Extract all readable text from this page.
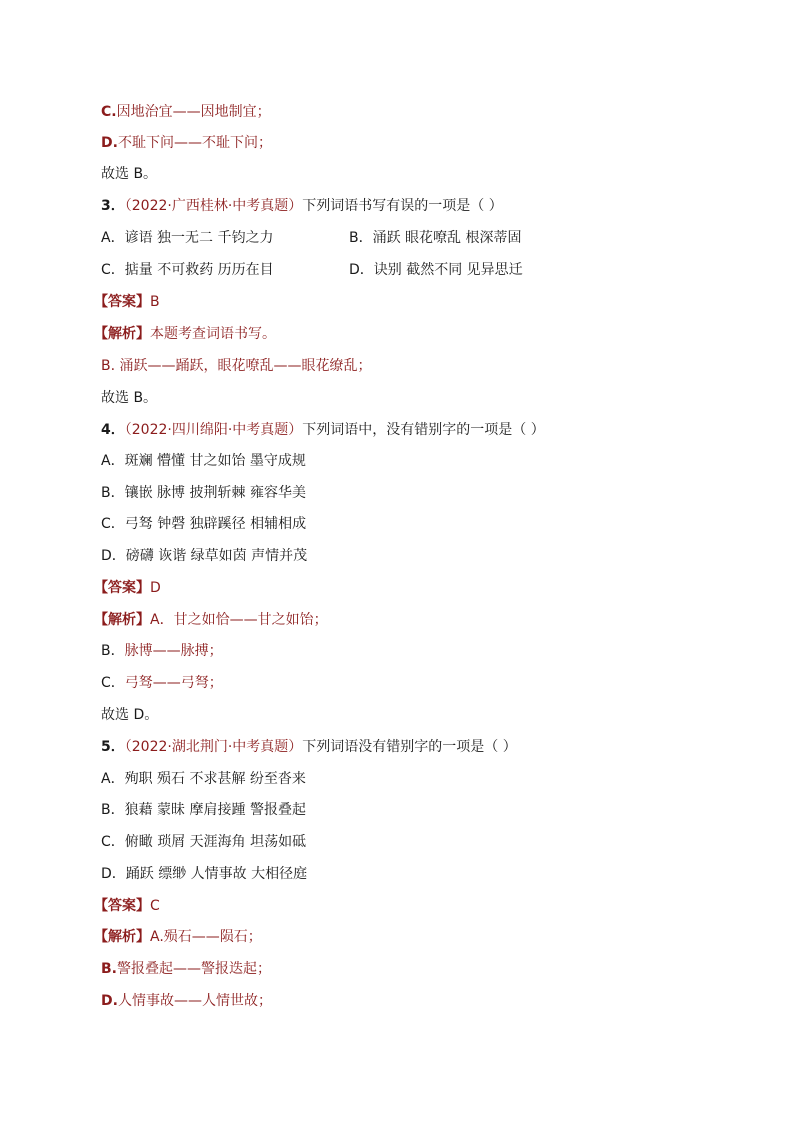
C.因地治宜——因地制宜；
D.不耻下问——不耻下问；
故选 B。
3．（2022·广西桂林·中考真题）下列词语书写有误的一项是（ ）
A．谚语 独一无二 千钧之力	B．涌跃 眼花嘹乱 根深蒂固
C．掂量 不可救药 历历在目	D．诀别 截然不同 见异思迁
【答案】B
【解析】本题考查词语书写。
B. 涌跃——踊跃，眼花嘹乱——眼花缭乱；
故选 B。
4．（2022·四川绵阳·中考真题）下列词语中，没有错别字的一项是（ ）
A．斑斓 懵懂 甘之如饴 墨守成规
B．镶嵌 脉博 披荆斩棘 雍容华美
C．弓驽 钟磬 独辟蹊径 相辅相成
D．磅礴 诙谐 绿草如茵 声情并茂
【答案】D
【解析】A．甘之如恰——甘之如饴；
B．脉博——脉搏；
C．弓驽——弓弩；
故选 D。
5．（2022·湖北荆门·中考真题）下列词语没有错别字的一项是（ ）
A．殉职 殒石 不求甚解 纷至沓来
B．狼藉 蒙昧 摩肩接踵 警报叠起
C．俯瞰 琐屑 天涯海角 坦荡如砥
D．踊跃 缥缈 人情事故 大相径庭
【答案】C
【解析】A.殒石——陨石；
B.警报叠起——警报迭起；
D.人情事故——人情世故；
